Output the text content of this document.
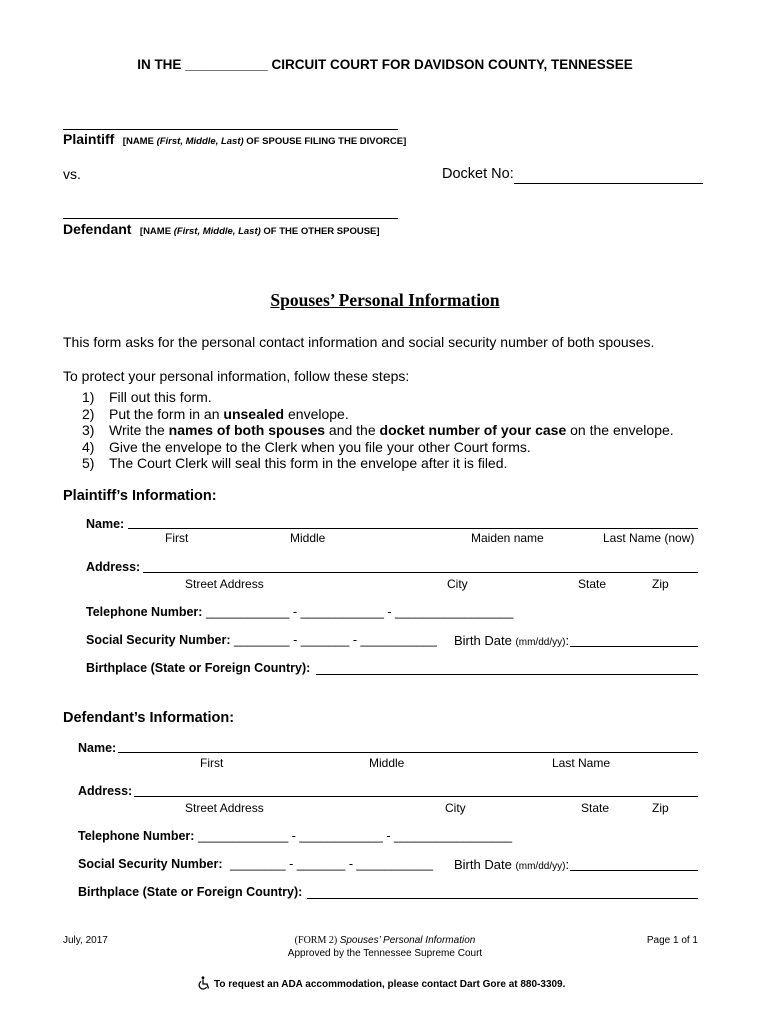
IN THE ___________ CIRCUIT COURT FOR DAVIDSON COUNTY, TENNESSEE
Plaintiff [NAME (First, Middle, Last) OF SPOUSE FILING THE DIVORCE]
vs.	Docket No:
Defendant [NAME (First, Middle, Last) OF THE OTHER SPOUSE]
Spouses’ Personal Information
This form asks for the personal contact information and social security number of both spouses.
To protect your personal information, follow these steps:
1) Fill out this form.
2) Put the form in an unsealed envelope.
3) Write the names of both spouses and the docket number of your case on the envelope.
4) Give the envelope to the Clerk when you file your other Court forms.
5) The Court Clerk will seal this form in the envelope after it is filed.
Plaintiff’s Information:
Name:
First	Middle	Maiden name	Last Name (now)
Address:
Street Address	City	State	Zip
Telephone Number: ____________ - ____________ - _________________
Social Security Number: ________ - _______ - ___________ Birth Date (mm/dd/yy):
Birthplace (State or Foreign Country):
Defendant’s Information:
Name:
First	Middle	Last Name
Address:
Street Address	City	State	Zip
Telephone Number: _____________ - ____________ - _________________
Social Security Number: ________ - _______ - ___________ Birth Date (mm/dd/yy):
Birthplace (State or Foreign Country):
July, 2017	(FORM 2) Spouses’ Personal Information
Approved by the Tennessee Supreme Court
Page 1 of 1
To request an ADA accommodation, please contact Dart Gore at 880-3309.
